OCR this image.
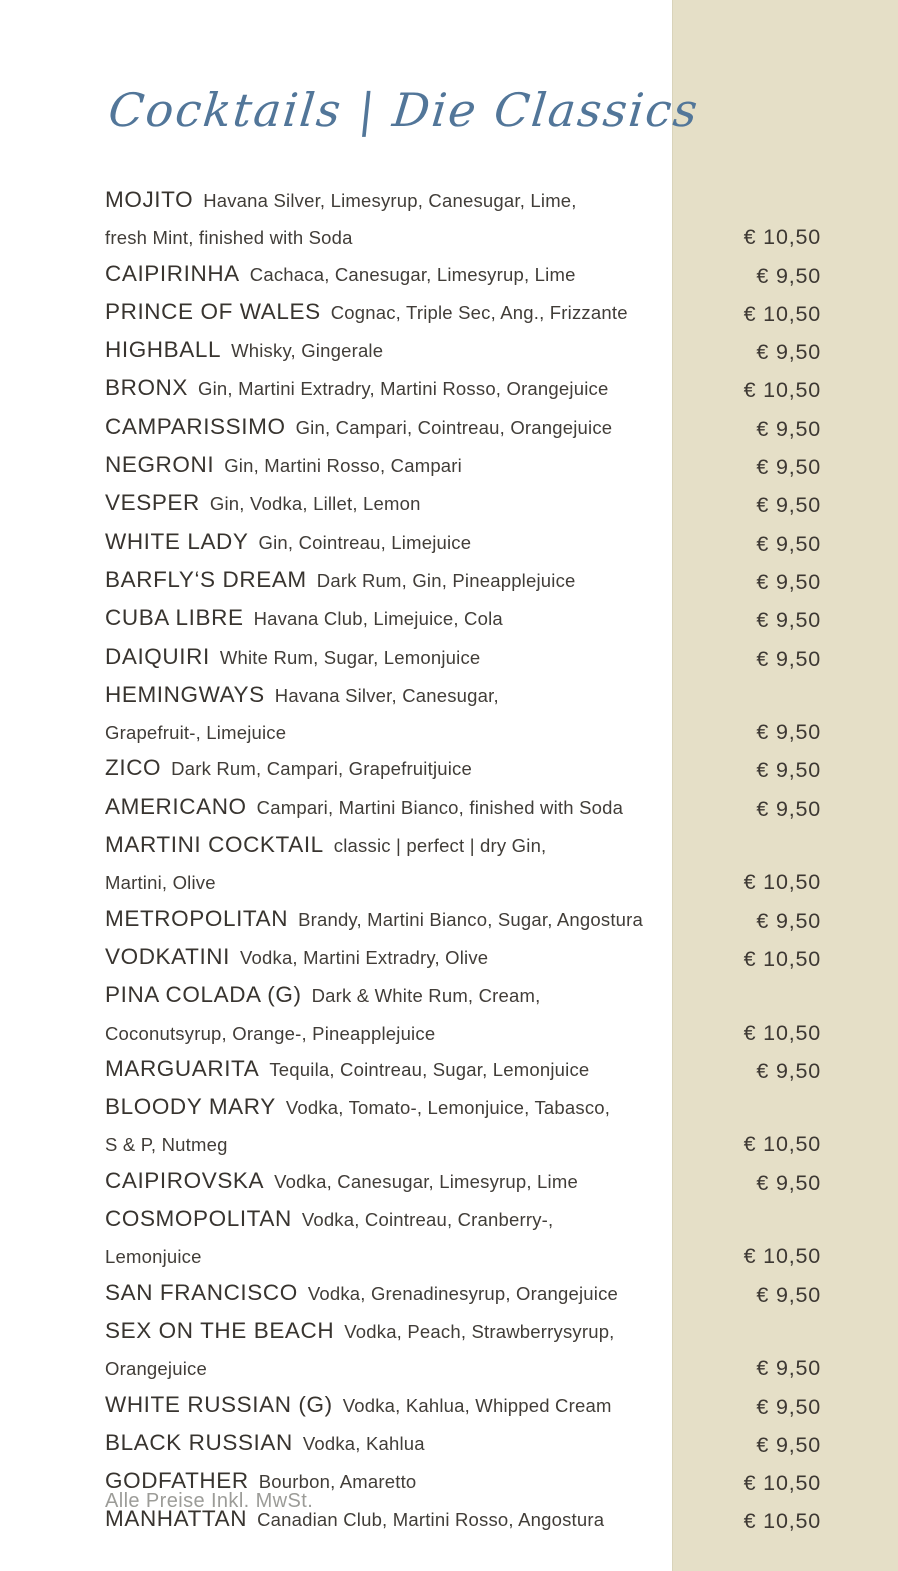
Cocktails | Die Classics
MOJITO Havana Silver, Limesyrup, Canesugar, Lime,
fresh Mint, finished with Soda	€ 10,50
CAIPIRINHA Cachaca, Canesugar, Limesyrup, Lime	€ 9,50
PRINCE OF WALES Cognac, Triple Sec, Ang., Frizzante	€ 10,50
HIGHBALL Whisky, Gingerale	€ 9,50
BRONX Gin, Martini Extradry, Martini Rosso, Orangejuice	€ 10,50
CAMPARISSIMO Gin, Campari, Cointreau, Orangejuice	€ 9,50
NEGRONI Gin, Martini Rosso, Campari	€ 9,50
VESPER Gin, Vodka, Lillet, Lemon	€ 9,50
WHITE LADY Gin, Cointreau, Limejuice	€ 9,50
BARFLY‘S DREAM Dark Rum, Gin, Pineapplejuice	€ 9,50
CUBA LIBRE Havana Club, Limejuice, Cola	€ 9,50
DAIQUIRI White Rum, Sugar, Lemonjuice	€ 9,50
HEMINGWAYS Havana Silver, Canesugar,
Grapefruit-, Limejuice	€ 9,50
ZICO Dark Rum, Campari, Grapefruitjuice	€ 9,50
AMERICANO Campari, Martini Bianco, finished with Soda	€ 9,50
MARTINI COCKTAIL classic | perfect | dry Gin,
Martini, Olive	€ 10,50
METROPOLITAN Brandy, Martini Bianco, Sugar, Angostura	€ 9,50
VODKATINI Vodka, Martini Extradry, Olive	€ 10,50
PINA COLADA (G) Dark & White Rum, Cream,
Coconutsyrup, Orange-, Pineapplejuice	€ 10,50
MARGUARITA Tequila, Cointreau, Sugar, Lemonjuice	€ 9,50
BLOODY MARY Vodka, Tomato-, Lemonjuice, Tabasco,
S & P, Nutmeg	€ 10,50
CAIPIROVSKA Vodka, Canesugar, Limesyrup, Lime	€ 9,50
COSMOPOLITAN Vodka, Cointreau, Cranberry-,
Lemonjuice	€ 10,50
SAN FRANCISCO Vodka, Grenadinesyrup, Orangejuice	€ 9,50
SEX ON THE BEACH Vodka, Peach, Strawberrysyrup,
Orangejuice	€ 9,50
WHITE RUSSIAN (G) Vodka, Kahlua, Whipped Cream	€ 9,50
BLACK RUSSIAN Vodka, Kahlua	€ 9,50
GODFATHER Bourbon, Amaretto	€ 10,50
MANHATTAN Canadian Club, Martini Rosso, Angostura	€ 10,50
Alle Preise Inkl. MwSt.
